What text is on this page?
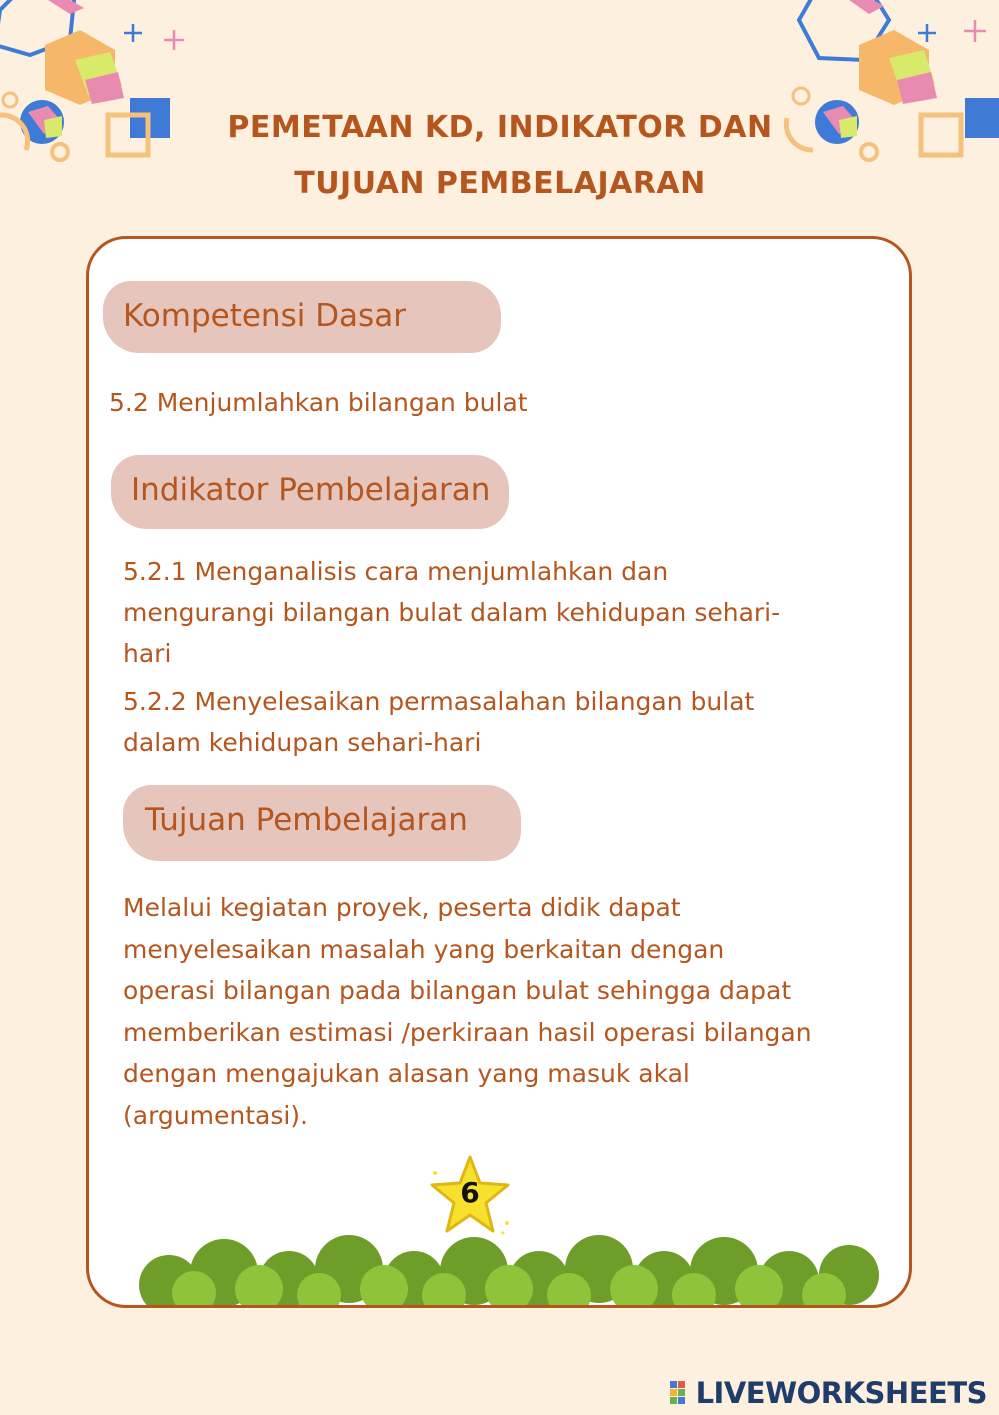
PEMETAAN KD, INDIKATOR DAN TUJUAN PEMBELAJARAN
Kompetensi Dasar

5.2 Menjumlahkan bilangan bulat

Indikator Pembelajaran

5.2.1 Menganalisis cara menjumlahkan dan mengurangi bilangan bulat dalam kehidupan sehari-hari

5.2.2 Menyelesaikan permasalahan bilangan bulat dalam kehidupan sehari-hari

Tujuan Pembelajaran

Melalui kegiatan proyek, peserta didik dapat menyelesaikan masalah yang berkaitan dengan operasi bilangan pada bilangan bulat sehingga dapat memberikan estimasi /perkiraan hasil operasi bilangan dengan mengajukan alasan yang masuk akal (argumentasi).

6
LIVEWORKSHEETS
